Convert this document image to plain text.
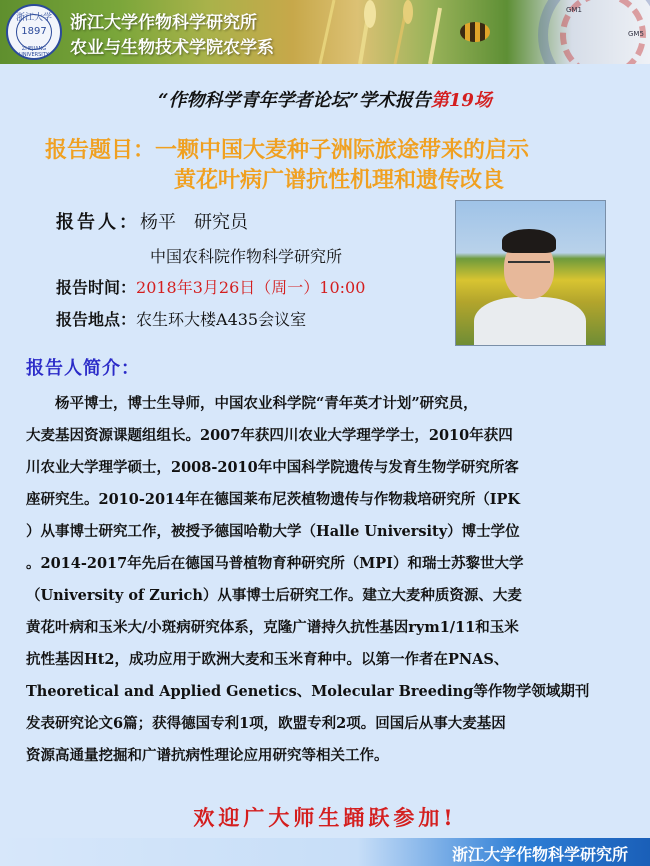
浙江大学
1897
ZHEJIANG UNIVERSITY
浙江大学作物科学研究所
农业与生物技术学院农学系
GM1
GM5
“作物科学青年学者论坛”学术报告第19场
报告题目：一颗中国大麦种子洲际旅途带来的启示
黄花叶病广谱抗性机理和遗传改良
报告人：杨平　研究员
中国农科院作物科学研究所
报告时间：2018年3月26日（周一）10:00
报告地点：农生环大楼A435会议室
报告人简介：
杨平博士，博士生导师，中国农业科学院“青年英才计划”研究员，
大麦基因资源课题组组长。2007年获四川农业大学理学学士，2010年获四
川农业大学理学硕士，2008-2010年中国科学院遗传与发育生物学研究所客
座研究生。2010-2014年在德国莱布尼茨植物遗传与作物栽培研究所（IPK
）从事博士研究工作，被授予德国哈勒大学（Halle University）博士学位
。2014-2017年先后在德国马普植物育种研究所（MPI）和瑞士苏黎世大学
（University of Zurich）从事博士后研究工作。建立大麦种质资源、大麦
黄花叶病和玉米大/小斑病研究体系，克隆广谱持久抗性基因rym1/11和玉米
抗性基因Ht2，成功应用于欧洲大麦和玉米育种中。以第一作者在PNAS、
Theoretical and Applied Genetics、Molecular Breeding等作物学领域期刊
发表研究论文6篇；获得德国专利1项，欧盟专利2项。回国后从事大麦基因
资源高通量挖掘和广谱抗病性理论应用研究等相关工作。
欢迎广大师生踊跃参加!
浙江大学作物科学研究所
